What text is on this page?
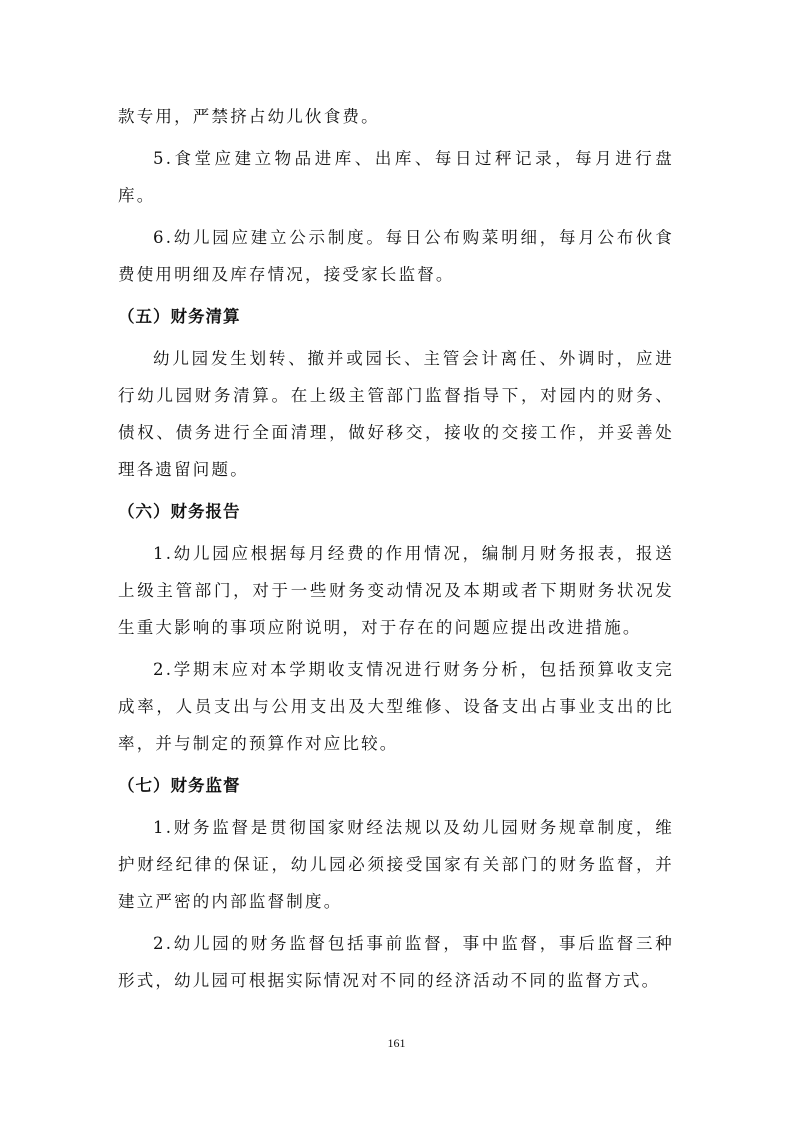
款专用，严禁挤占幼儿伙食费。

5.食堂应建立物品进库、出库、每日过秤记录，每月进行盘库。

6.幼儿园应建立公示制度。每日公布购菜明细，每月公布伙食费使用明细及库存情况，接受家长监督。

（五）财务清算

幼儿园发生划转、撤并或园长、主管会计离任、外调时，应进行幼儿园财务清算。在上级主管部门监督指导下，对园内的财务、债权、债务进行全面清理，做好移交，接收的交接工作，并妥善处理各遗留问题。

（六）财务报告

1.幼儿园应根据每月经费的作用情况，编制月财务报表，报送上级主管部门，对于一些财务变动情况及本期或者下期财务状况发生重大影响的事项应附说明，对于存在的问题应提出改进措施。

2.学期末应对本学期收支情况进行财务分析，包括预算收支完成率，人员支出与公用支出及大型维修、设备支出占事业支出的比率，并与制定的预算作对应比较。

（七）财务监督

1.财务监督是贯彻国家财经法规以及幼儿园财务规章制度，维护财经纪律的保证，幼儿园必须接受国家有关部门的财务监督，并建立严密的内部监督制度。

2.幼儿园的财务监督包括事前监督，事中监督，事后监督三种形式，幼儿园可根据实际情况对不同的经济活动不同的监督方式。

161
